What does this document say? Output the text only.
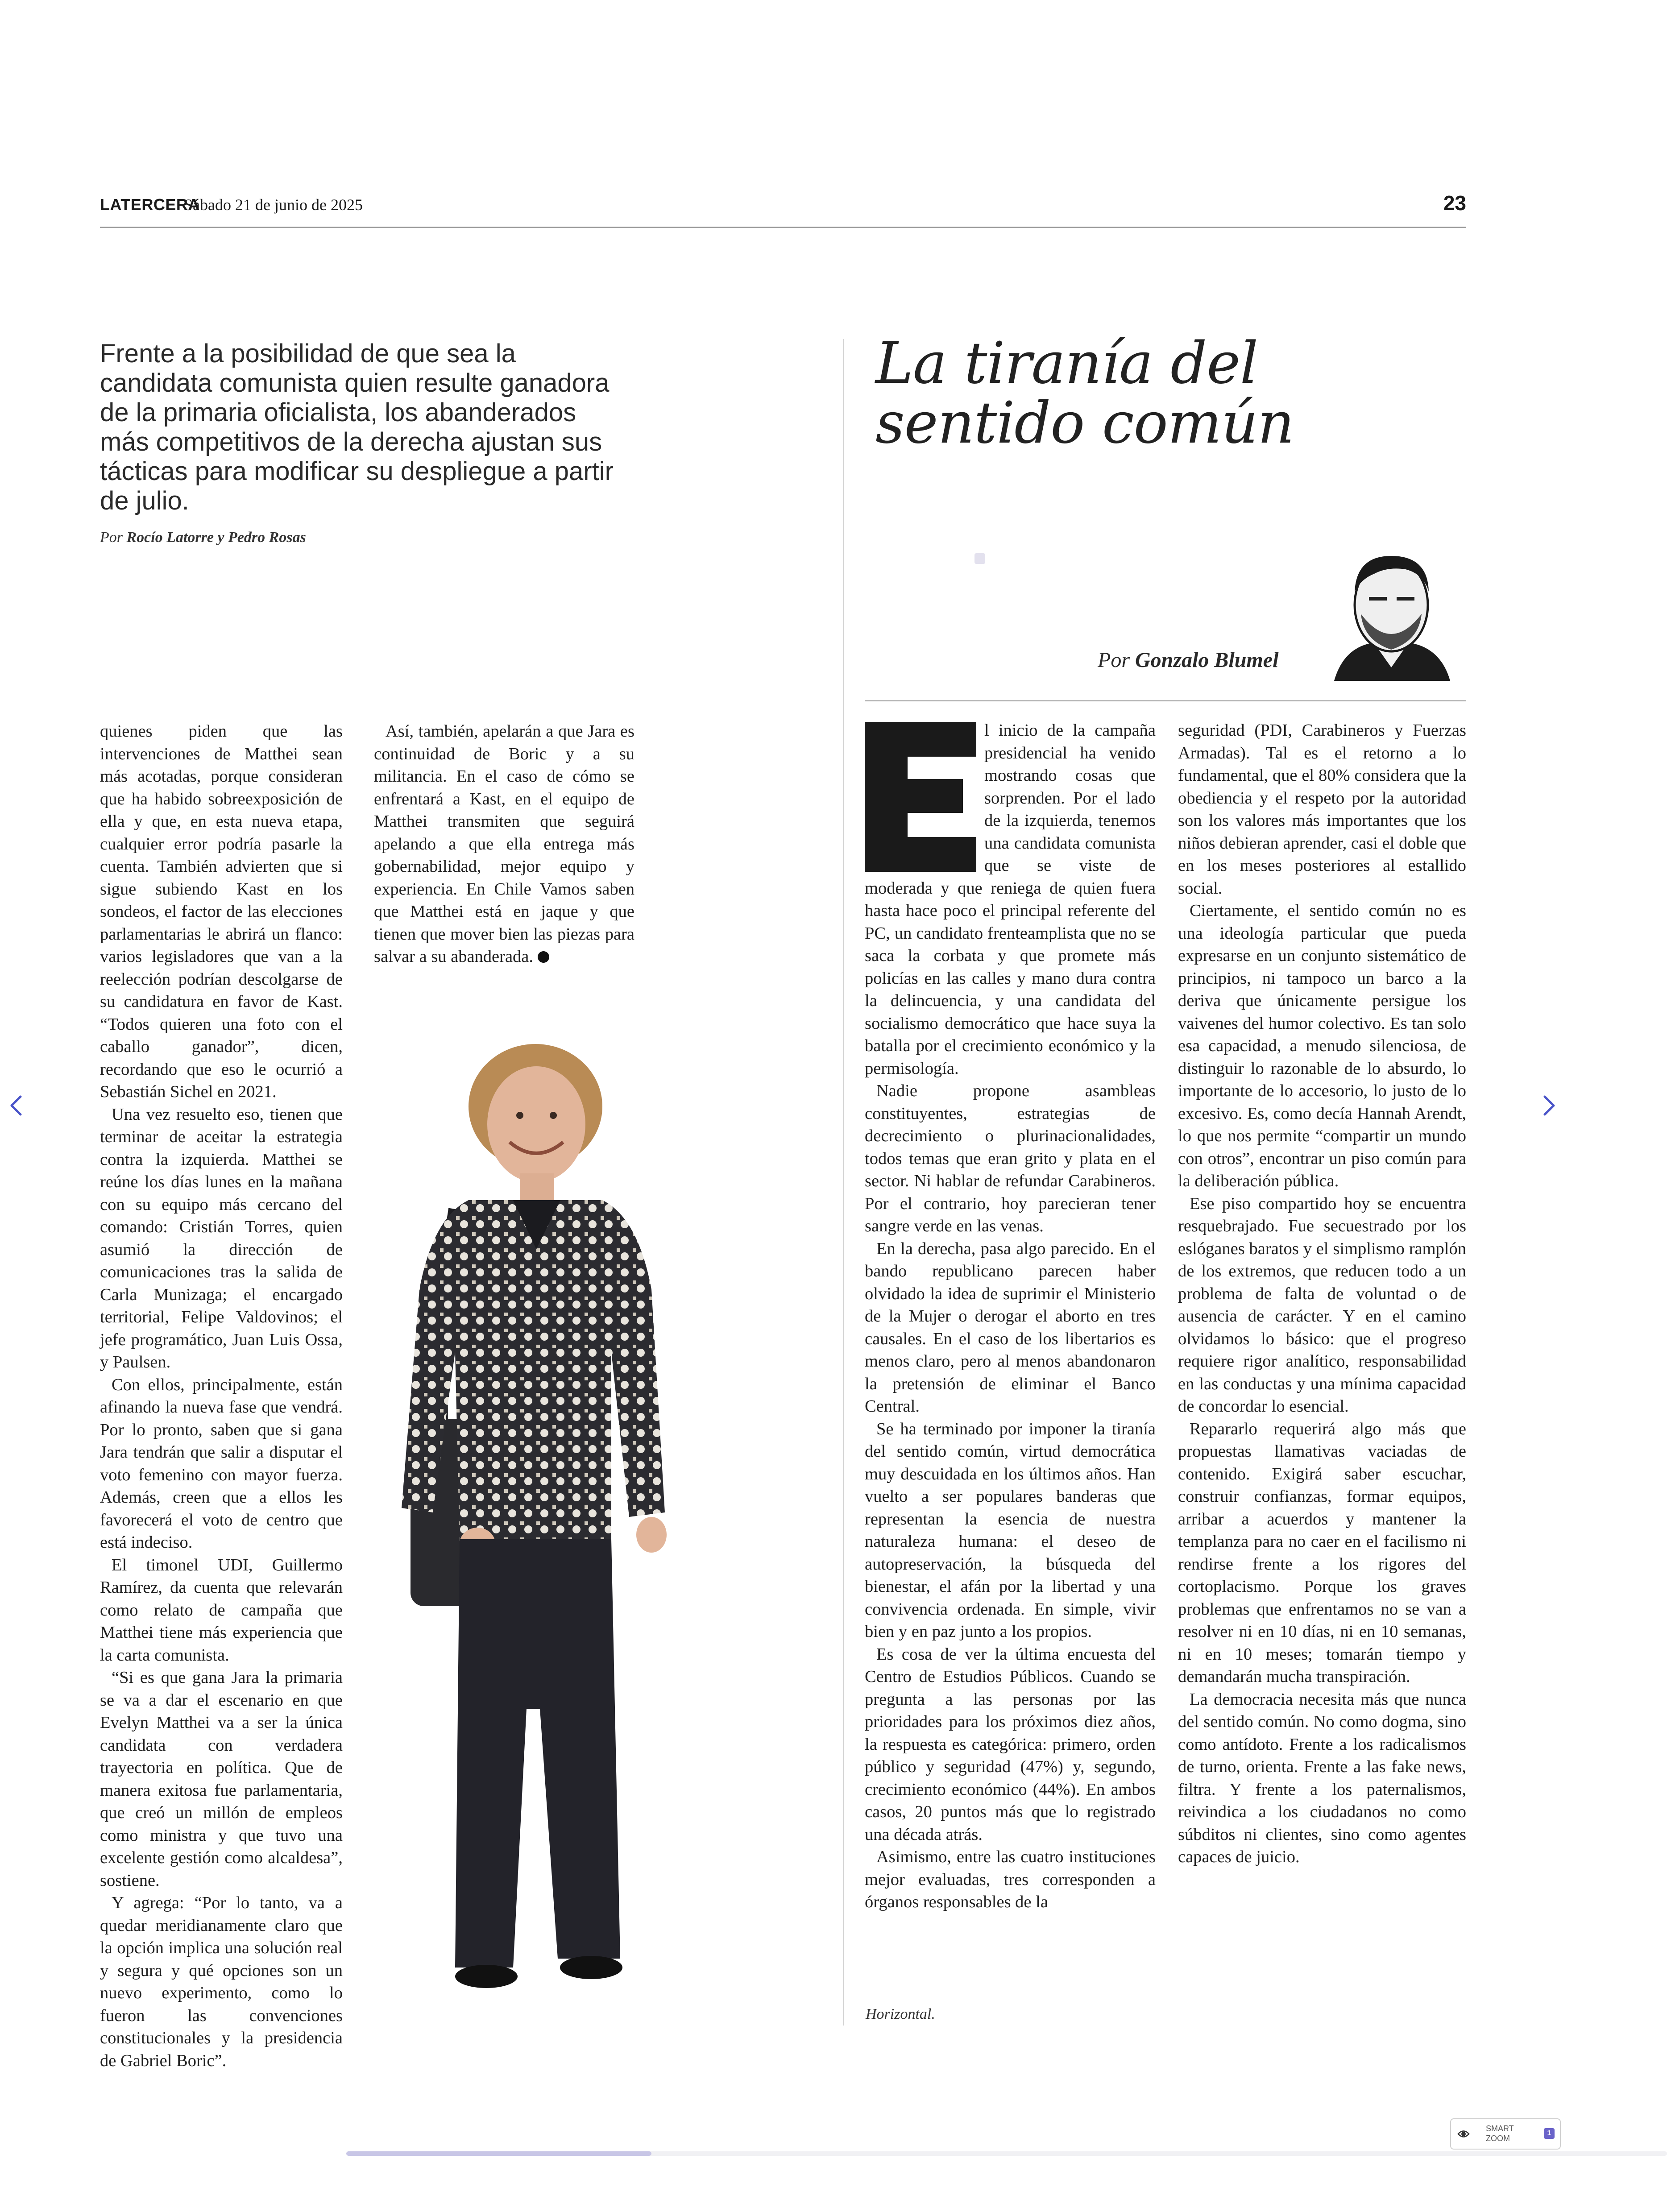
LATERCERA
Sábado 21 de junio de 2025	23
Frente a la posibilidad de que sea la candidata comunista quien resulte ganadora de la primaria oficialista, los abanderados más competitivos de la derecha ajustan sus tácticas para modificar su despliegue a partir de julio.
Por Rocío Latorre y Pedro Rosas

quienes piden que las intervenciones de Matthei sean más acotadas, porque consideran que ha habido sobreexposición de ella y que, en esta nueva etapa, cualquier error podría pasarle la cuenta. También advierten que si sigue subiendo Kast en los sondeos, el factor de las elecciones parlamentarias le abrirá un flanco: varios legisladores que van a la reelección podrían descolgarse de su candidatura en favor de Kast. “Todos quieren una foto con el caballo ganador”, dicen, recordando que eso le ocurrió a Sebastián Sichel en 2021.

Una vez resuelto eso, tienen que terminar de aceitar la estrategia contra la izquierda. Matthei se reúne los días lunes en la mañana con su equipo más cercano del comando: Cristián Torres, quien asumió la dirección de comunicaciones tras la salida de Carla Munizaga; el encargado territorial, Felipe Valdovinos; el jefe programático, Juan Luis Ossa, y Paulsen.

Con ellos, principalmente, están afinando la nueva fase que vendrá. Por lo pronto, saben que si gana Jara tendrán que salir a disputar el voto femenino con mayor fuerza. Además, creen que a ellos les favorecerá el voto de centro que está indeciso.

El timonel UDI, Guillermo Ramírez, da cuenta que relevarán como relato de campaña que Matthei tiene más experiencia que la carta comunista.

“Si es que gana Jara la primaria se va a dar el escenario en que Evelyn Matthei va a ser la única candidata con verdadera trayectoria en política. Que de manera exitosa fue parlamentaria, que creó un millón de empleos como ministra y que tuvo una excelente gestión como alcaldesa”, sostiene.

Y agrega: “Por lo tanto, va a quedar meridianamente claro que la opción implica una solución real y segura y qué opciones son un nuevo experimento, como lo fueron las convenciones constitucionales y la presidencia de Gabriel Boric”.

Así, también, apelarán a que Jara es continuidad de Boric y a su militancia. En el caso de cómo se enfrentará a Kast, en el equipo de Matthei transmiten que seguirá apelando a que ella entrega más gobernabilidad, mejor equipo y experiencia. En Chile Vamos saben que Matthei está en jaque y que tienen que mover bien las piezas para salvar a su abanderada.

La tiranía del
sentido común
Por Gonzalo Blumel

l inicio de la campaña presidencial ha venido mostrando cosas que sorprenden. Por el lado de la izquierda, tenemos una candidata comunista que se viste de moderada y que reniega de quien fuera hasta hace poco el principal referente del PC, un candidato frenteamplista que no se saca la corbata y que promete más policías en las calles y mano dura contra la delincuencia, y una candidata del socialismo democrático que hace suya la batalla por el crecimiento económico y la permisología.

Nadie propone asambleas constituyentes, estrategias de decrecimiento o plurinacionalidades, todos temas que eran grito y plata en el sector. Ni hablar de refundar Carabineros. Por el contrario, hoy parecieran tener sangre verde en las venas.

En la derecha, pasa algo parecido. En el bando republicano parecen haber olvidado la idea de suprimir el Ministerio de la Mujer o derogar el aborto en tres causales. En el caso de los libertarios es menos claro, pero al menos abandonaron la pretensión de eliminar el Banco Central.

Se ha terminado por imponer la tiranía del sentido común, virtud democrática muy descuidada en los últimos años. Han vuelto a ser populares banderas que representan la esencia de nuestra naturaleza humana: el deseo de autopreservación, la búsqueda del bienestar, el afán por la libertad y una convivencia ordenada. En simple, vivir bien y en paz junto a los propios.

Es cosa de ver la última encuesta del Centro de Estudios Públicos. Cuando se pregunta a las personas por las prioridades para los próximos diez años, la respuesta es categórica: primero, orden público y seguridad (47%) y, segundo, crecimiento económico (44%). En ambos casos, 20 puntos más que lo registrado una década atrás.

Asimismo, entre las cuatro instituciones mejor evaluadas, tres corresponden a órganos responsables de la

seguridad (PDI, Carabineros y Fuerzas Armadas). Tal es el retorno a lo fundamental, que el 80% considera que la obediencia y el respeto por la autoridad son los valores más importantes que los niños debieran aprender, casi el doble que en los meses posteriores al estallido social.

Ciertamente, el sentido común no es una ideología particular que pueda expresarse en un conjunto sistemático de principios, ni tampoco un barco a la deriva que únicamente persigue los vaivenes del humor colectivo. Es tan solo esa capacidad, a menudo silenciosa, de distinguir lo razonable de lo absurdo, lo importante de lo accesorio, lo justo de lo excesivo. Es, como decía Hannah Arendt, lo que nos permite “compartir un mundo con otros”, encontrar un piso común para la deliberación pública.

Ese piso compartido hoy se encuentra resquebrajado. Fue secuestrado por los eslóganes baratos y el simplismo ramplón de los extremos, que reducen todo a un problema de falta de voluntad o de ausencia de carácter. Y en el camino olvidamos lo básico: que el progreso requiere rigor analítico, responsabilidad en las conductas y una mínima capacidad de concordar lo esencial.

Repararlo requerirá algo más que propuestas llamativas vaciadas de contenido. Exigirá saber escuchar, construir confianzas, formar equipos, arribar a acuerdos y mantener la templanza para no caer en el facilismo ni rendirse frente a los rigores del cortoplacismo. Porque los graves problemas que enfrentamos no se van a resolver ni en 10 días, ni en 10 semanas, ni en 10 meses; tomarán tiempo y demandarán mucha transpiración.

La democracia necesita más que nunca del sentido común. No como dogma, sino como antídoto. Frente a los radicalismos de turno, orienta. Frente a las fake news, filtra. Y frente a los paternalismos, reivindica a los ciudadanos no como súbditos ni clientes, sino como agentes capaces de juicio.

Horizontal.
SMART
ZOOM
1
